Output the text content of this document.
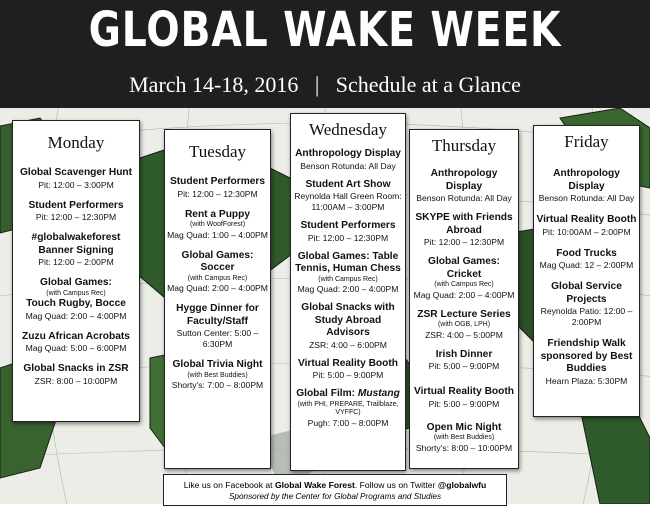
GLOBAL WAKE WEEK
March 14-18, 2016   |   Schedule at a Glance
Monday
Global Scavenger Hunt
Pit: 12:00 – 3:00PM
Student Performers
Pit: 12:00 – 12:30PM
#globalwakeforest Banner Signing
Pit: 12:00 – 2:00PM
Global Games:
(with Campus Rec)
Touch Rugby, Bocce
Mag Quad: 2:00 – 4:00PM
Zuzu African Acrobats
Mag Quad: 5:00 – 6:00PM
Global Snacks in ZSR
ZSR: 8:00 – 10:00PM
Tuesday
Student Performers
Pit: 12:00 – 12:30PM
Rent a Puppy
(with WoofForest)
Mag Quad: 1:00 – 4:00PM
Global Games: Soccer
(with Campus Rec)
Mag Quad: 2:00 – 4:00PM
Hygge Dinner for Faculty/Staff
Sutton Center: 5:00 – 6:30PM
Global Trivia Night
(with Best Buddies)
Shorty's: 7:00 – 8:00PM
Wednesday
Anthropology Display
Benson Rotunda: All Day
Student Art Show
Reynolda Hall Green Room: 11:00AM – 3:00PM
Student Performers
Pit: 12:00 – 12:30PM
Global Games: Table Tennis, Human Chess
(with Campus Rec)
Mag Quad: 2:00 – 4:00PM
Global Snacks with Study Abroad Advisors
ZSR: 4:00 – 6:00PM
Virtual Reality Booth
Pit: 5:00 – 9:00PM
Global Film: Mustang
(with PHI, PREPARE, Trailblaze, VYFFC)
Pugh: 7:00 – 8:00PM
Thursday
Anthropology Display
Benson Rotunda: All Day
SKYPE with Friends Abroad
Pit: 12:00 – 12:30PM
Global Games: Cricket
(with Campus Rec)
Mag Quad: 2:00 – 4:00PM
ZSR Lecture Series
(with OGB, LPH)
ZSR: 4:00 – 5:00PM
Irish Dinner
Pit: 5:00 – 9:00PM
Virtual Reality Booth
Pit: 5:00 – 9:00PM
Open Mic Night
(with Best Buddies)
Shorty's: 8:00 – 10:00PM
Friday
Anthropology Display
Benson Rotunda: All Day
Virtual Reality Booth
Pit: 10:00AM – 2:00PM
Food Trucks
Mag Quad: 12 – 2:00PM
Global Service Projects
Reynolda Patio: 12:00 – 2:00PM
Friendship Walk sponsored by Best Buddies
Hearn Plaza: 5:30PM
Like us on Facebook at Global Wake Forest. Follow us on Twitter @globalwfu
Sponsored by the Center for Global Programs and Studies
